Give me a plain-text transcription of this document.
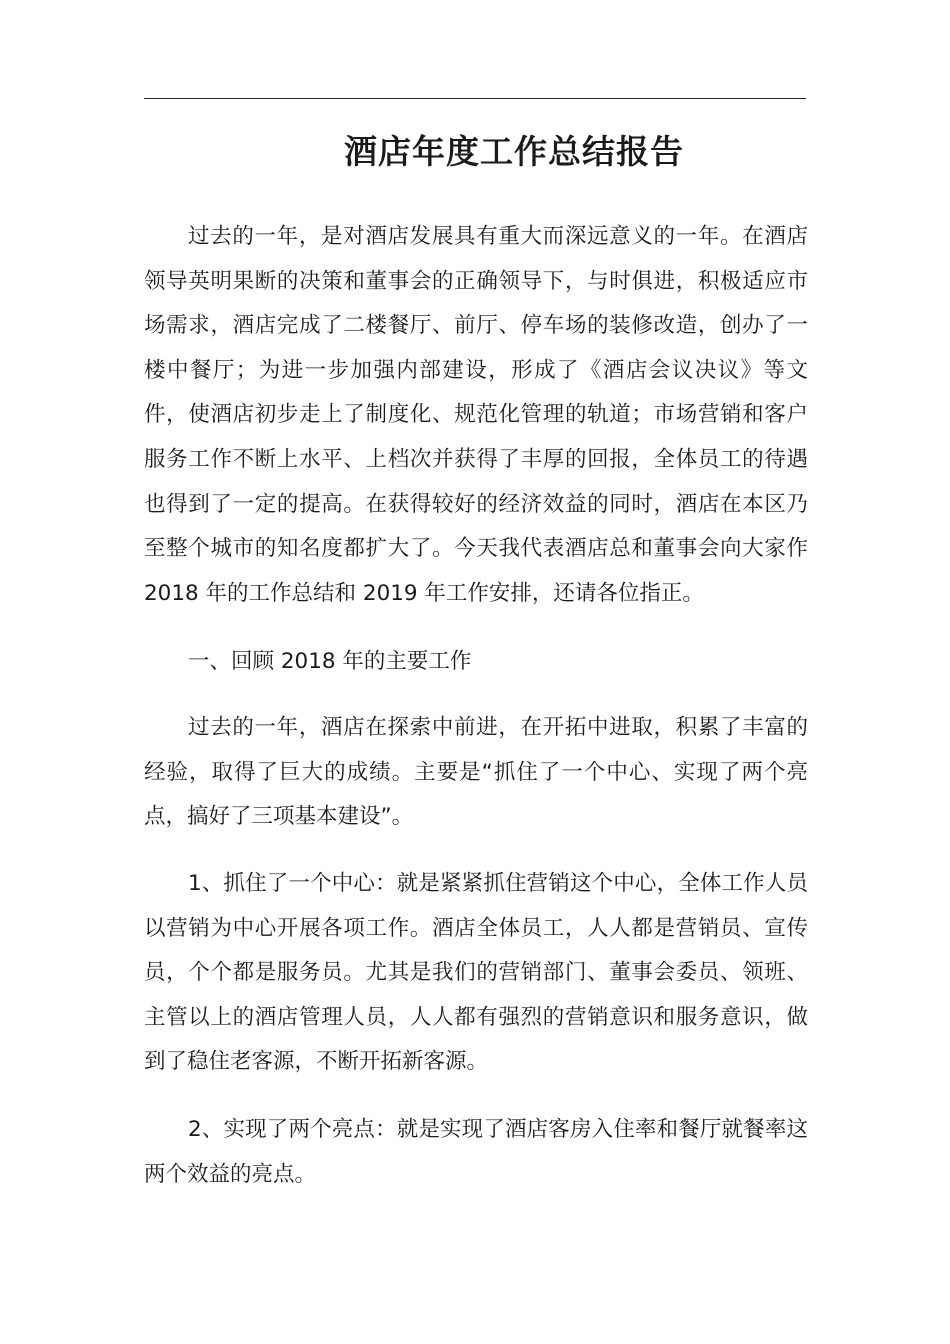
酒店年度工作总结报告

过去的一年，是对酒店发展具有重大而深远意义的一年。在酒店领导英明果断的决策和董事会的正确领导下，与时俱进，积极适应市场需求，酒店完成了二楼餐厅、前厅、停车场的装修改造，创办了一楼中餐厅；为进一步加强内部建设，形成了《酒店会议决议》等文件，使酒店初步走上了制度化、规范化管理的轨道；市场营销和客户服务工作不断上水平、上档次并获得了丰厚的回报，全体员工的待遇也得到了一定的提高。在获得较好的经济效益的同时，酒店在本区乃至整个城市的知名度都扩大了。今天我代表酒店总和董事会向大家作 2018 年的工作总结和 2019 年工作安排，还请各位指正。

一、回顾 2018 年的主要工作

过去的一年，酒店在探索中前进，在开拓中进取，积累了丰富的经验，取得了巨大的成绩。主要是“抓住了一个中心、实现了两个亮点，搞好了三项基本建设”。

1、抓住了一个中心：就是紧紧抓住营销这个中心，全体工作人员以营销为中心开展各项工作。酒店全体员工，人人都是营销员、宣传员，个个都是服务员。尤其是我们的营销部门、董事会委员、领班、主管以上的酒店管理人员，人人都有强烈的营销意识和服务意识，做到了稳住老客源，不断开拓新客源。

2、实现了两个亮点：就是实现了酒店客房入住率和餐厅就餐率这两个效益的亮点。
